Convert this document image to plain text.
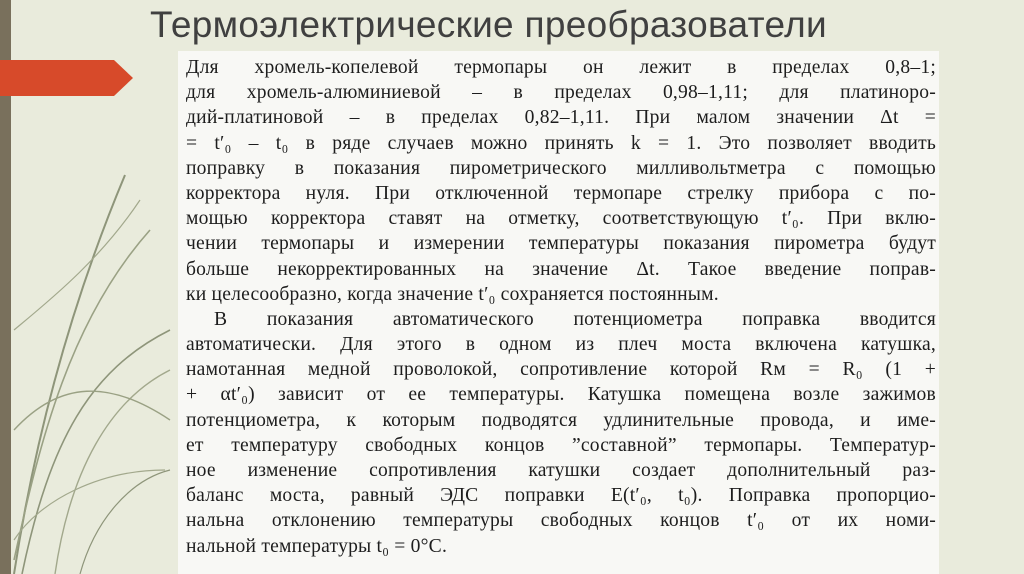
Термоэлектрические преобразователи
Для хромель-копелевой термопары он лежит в пределах 0,8–1;
для хромель-алюминиевой – в пределах 0,98–1,11; для платиноро-
дий-платиновой – в пределах 0,82–1,11. При малом значении Δt =
= t′₀ – t₀ в ряде случаев можно принять k = 1. Это позволяет вводить
поправку в показания пирометрического милливольтметра с помощью
корректора нуля. При отключенной термопаре стрелку прибора с по-
мощью корректора ставят на отметку, соответствующую t′₀. При вклю-
чении термопары и измерении температуры показания пирометра будут
больше некорректированных на значение Δt. Такое введение поправ-
ки целесообразно, когда значение t′₀ сохраняется постоянным.
В показания автоматического потенциометра поправка вводится
автоматически. Для этого в одном из плеч моста включена катушка,
намотанная медной проволокой, сопротивление которой Rм = R₀ (1 +
+ αt′₀) зависит от ее температуры. Катушка помещена возле зажимов
потенциометра, к которым подводятся удлинительные провода, и име-
ет температуру свободных концов ”составной” термопары. Температур-
ное изменение сопротивления катушки создает дополнительный раз-
баланс моста, равный ЭДС поправки E(t′₀, t₀). Поправка пропорцио-
нальна отклонению температуры свободных концов t′₀ от их номи-
нальной температуры t₀ = 0°C.
